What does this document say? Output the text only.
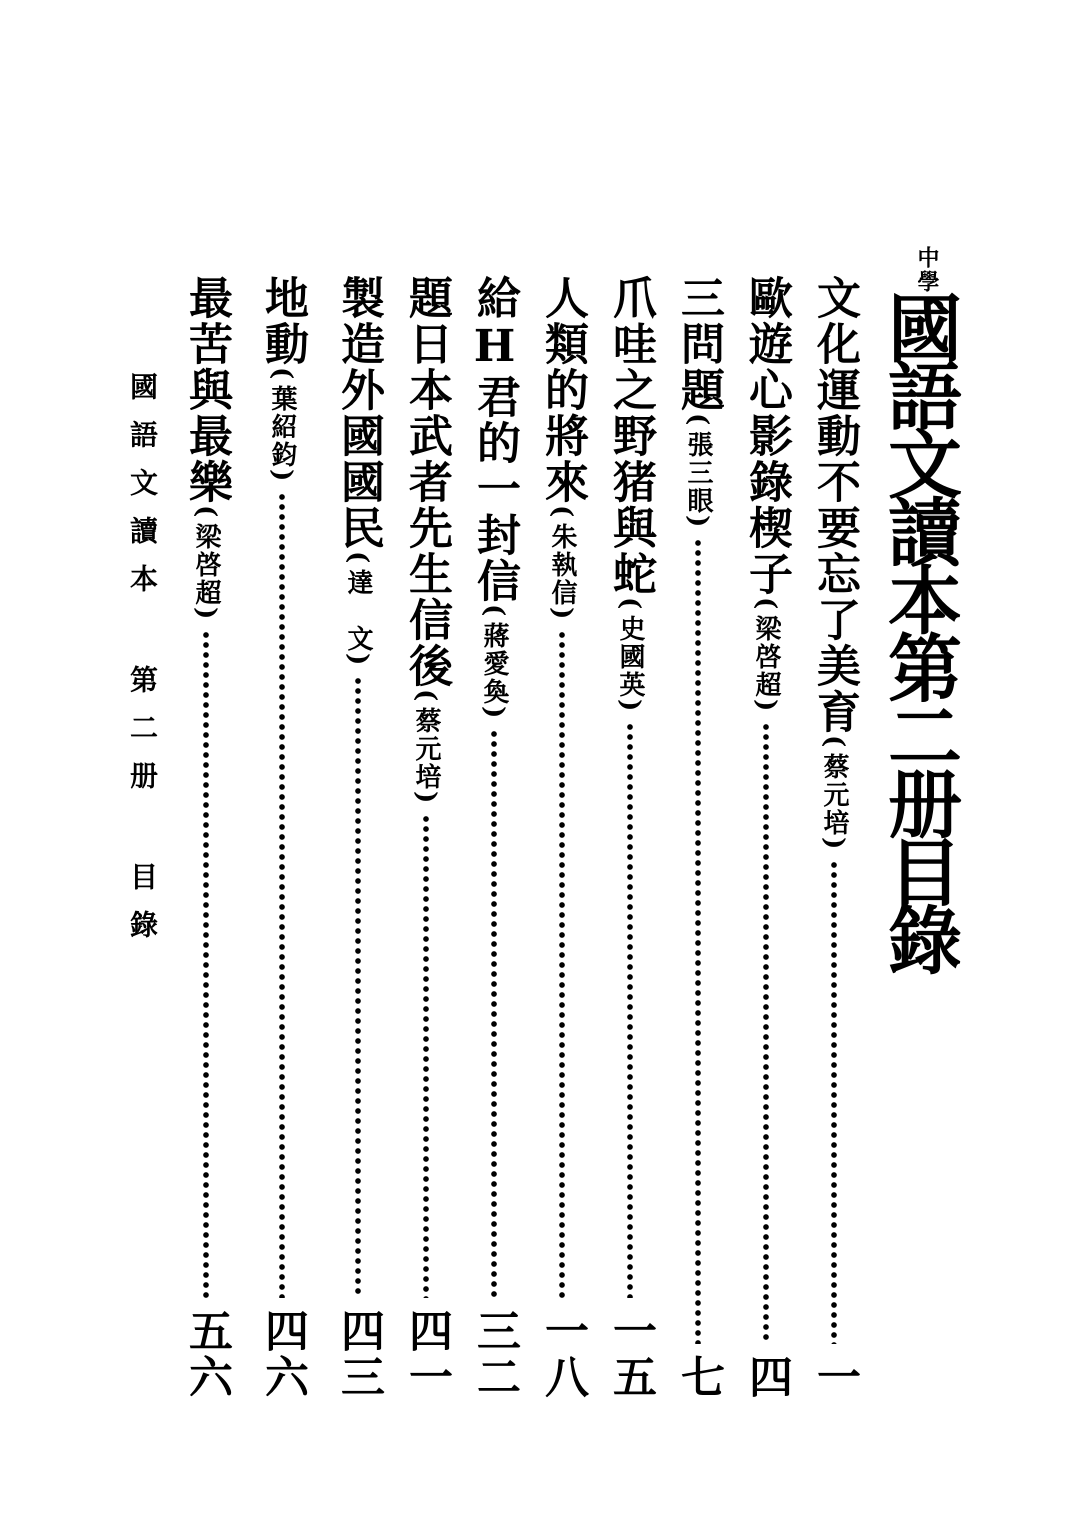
中學
國語文讀本第二册目錄
文化運動不要忘了美育
(
蔡元培
)
一
歐遊心影錄楔子
(
梁啓超
)
四
三問題
(
張三眼
)
七
爪哇之野猪與蛇
(
史國英
)
一五
人類的將來
(
朱執信
)
一八
給H君的一封信
(
蔣愛奐
)
三二
題日本武者先生信後
(
蔡元培
)
四一
製造外國國民
(
達　文
)
四三
地動
(
葉紹鈞
)
四六
最苦與最樂
(
梁啓超
)
五六
國語文讀本 第二册 目錄
